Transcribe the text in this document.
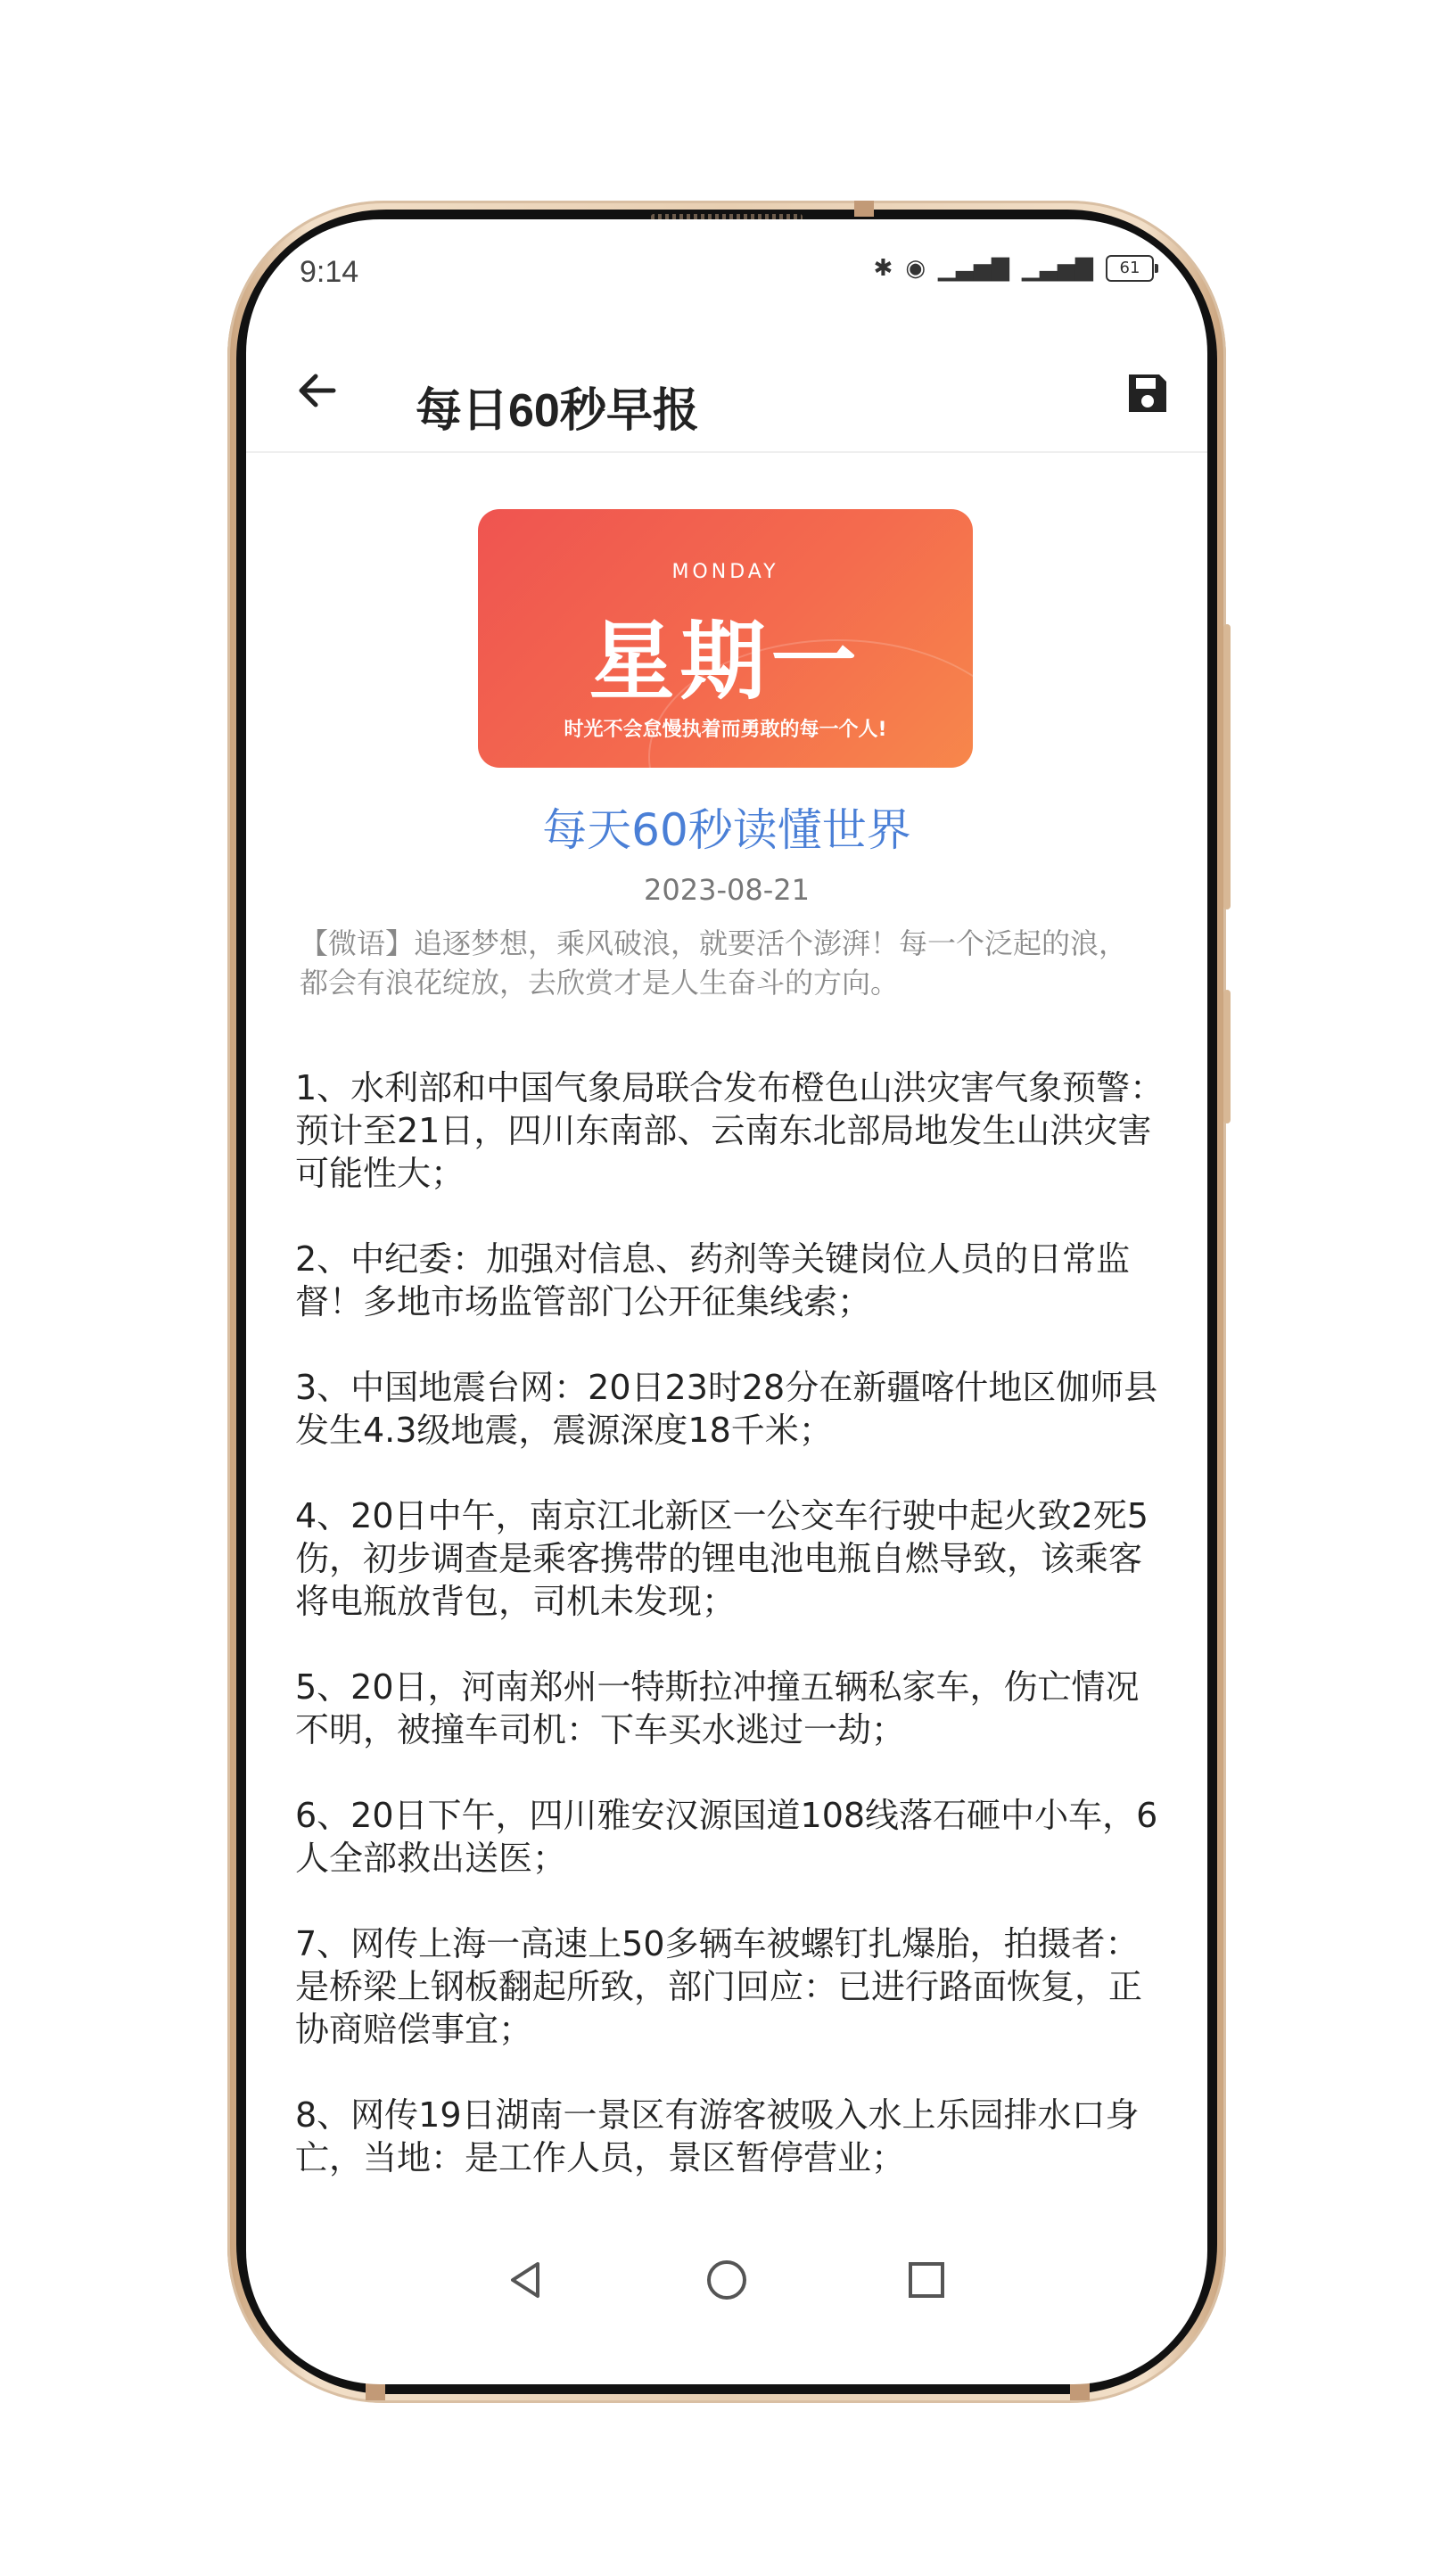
9:14	✱ ◉ ▁▃▅▇ ▁▃▅▇	61
每日60秒早报
MONDAY
星期一
时光不会怠慢执着而勇敢的每一个人!
每天60秒读懂世界
2023-08-21
【微语】追逐梦想，乘风破浪，就要活个澎湃！每一个泛起的浪，都会有浪花绽放，去欣赏才是人生奋斗的方向。
1、水利部和中国气象局联合发布橙色山洪灾害气象预警：预计至21日，四川东南部、云南东北部局地发生山洪灾害可能性大；
2、中纪委：加强对信息、药剂等关键岗位人员的日常监督！多地市场监管部门公开征集线索；
3、中国地震台网：20日23时28分在新疆喀什地区伽师县发生4.3级地震，震源深度18千米；
4、20日中午，南京江北新区一公交车行驶中起火致2死5伤，初步调查是乘客携带的锂电池电瓶自燃导致，该乘客将电瓶放背包，司机未发现；
5、20日，河南郑州一特斯拉冲撞五辆私家车，伤亡情况不明，被撞车司机：下车买水逃过一劫；
6、20日下午，四川雅安汉源国道108线落石砸中小车，6人全部救出送医；
7、网传上海一高速上50多辆车被螺钉扎爆胎，拍摄者：是桥梁上钢板翻起所致，部门回应：已进行路面恢复，正协商赔偿事宜；
8、网传19日湖南一景区有游客被吸入水上乐园排水口身亡，当地：是工作人员，景区暂停营业；
